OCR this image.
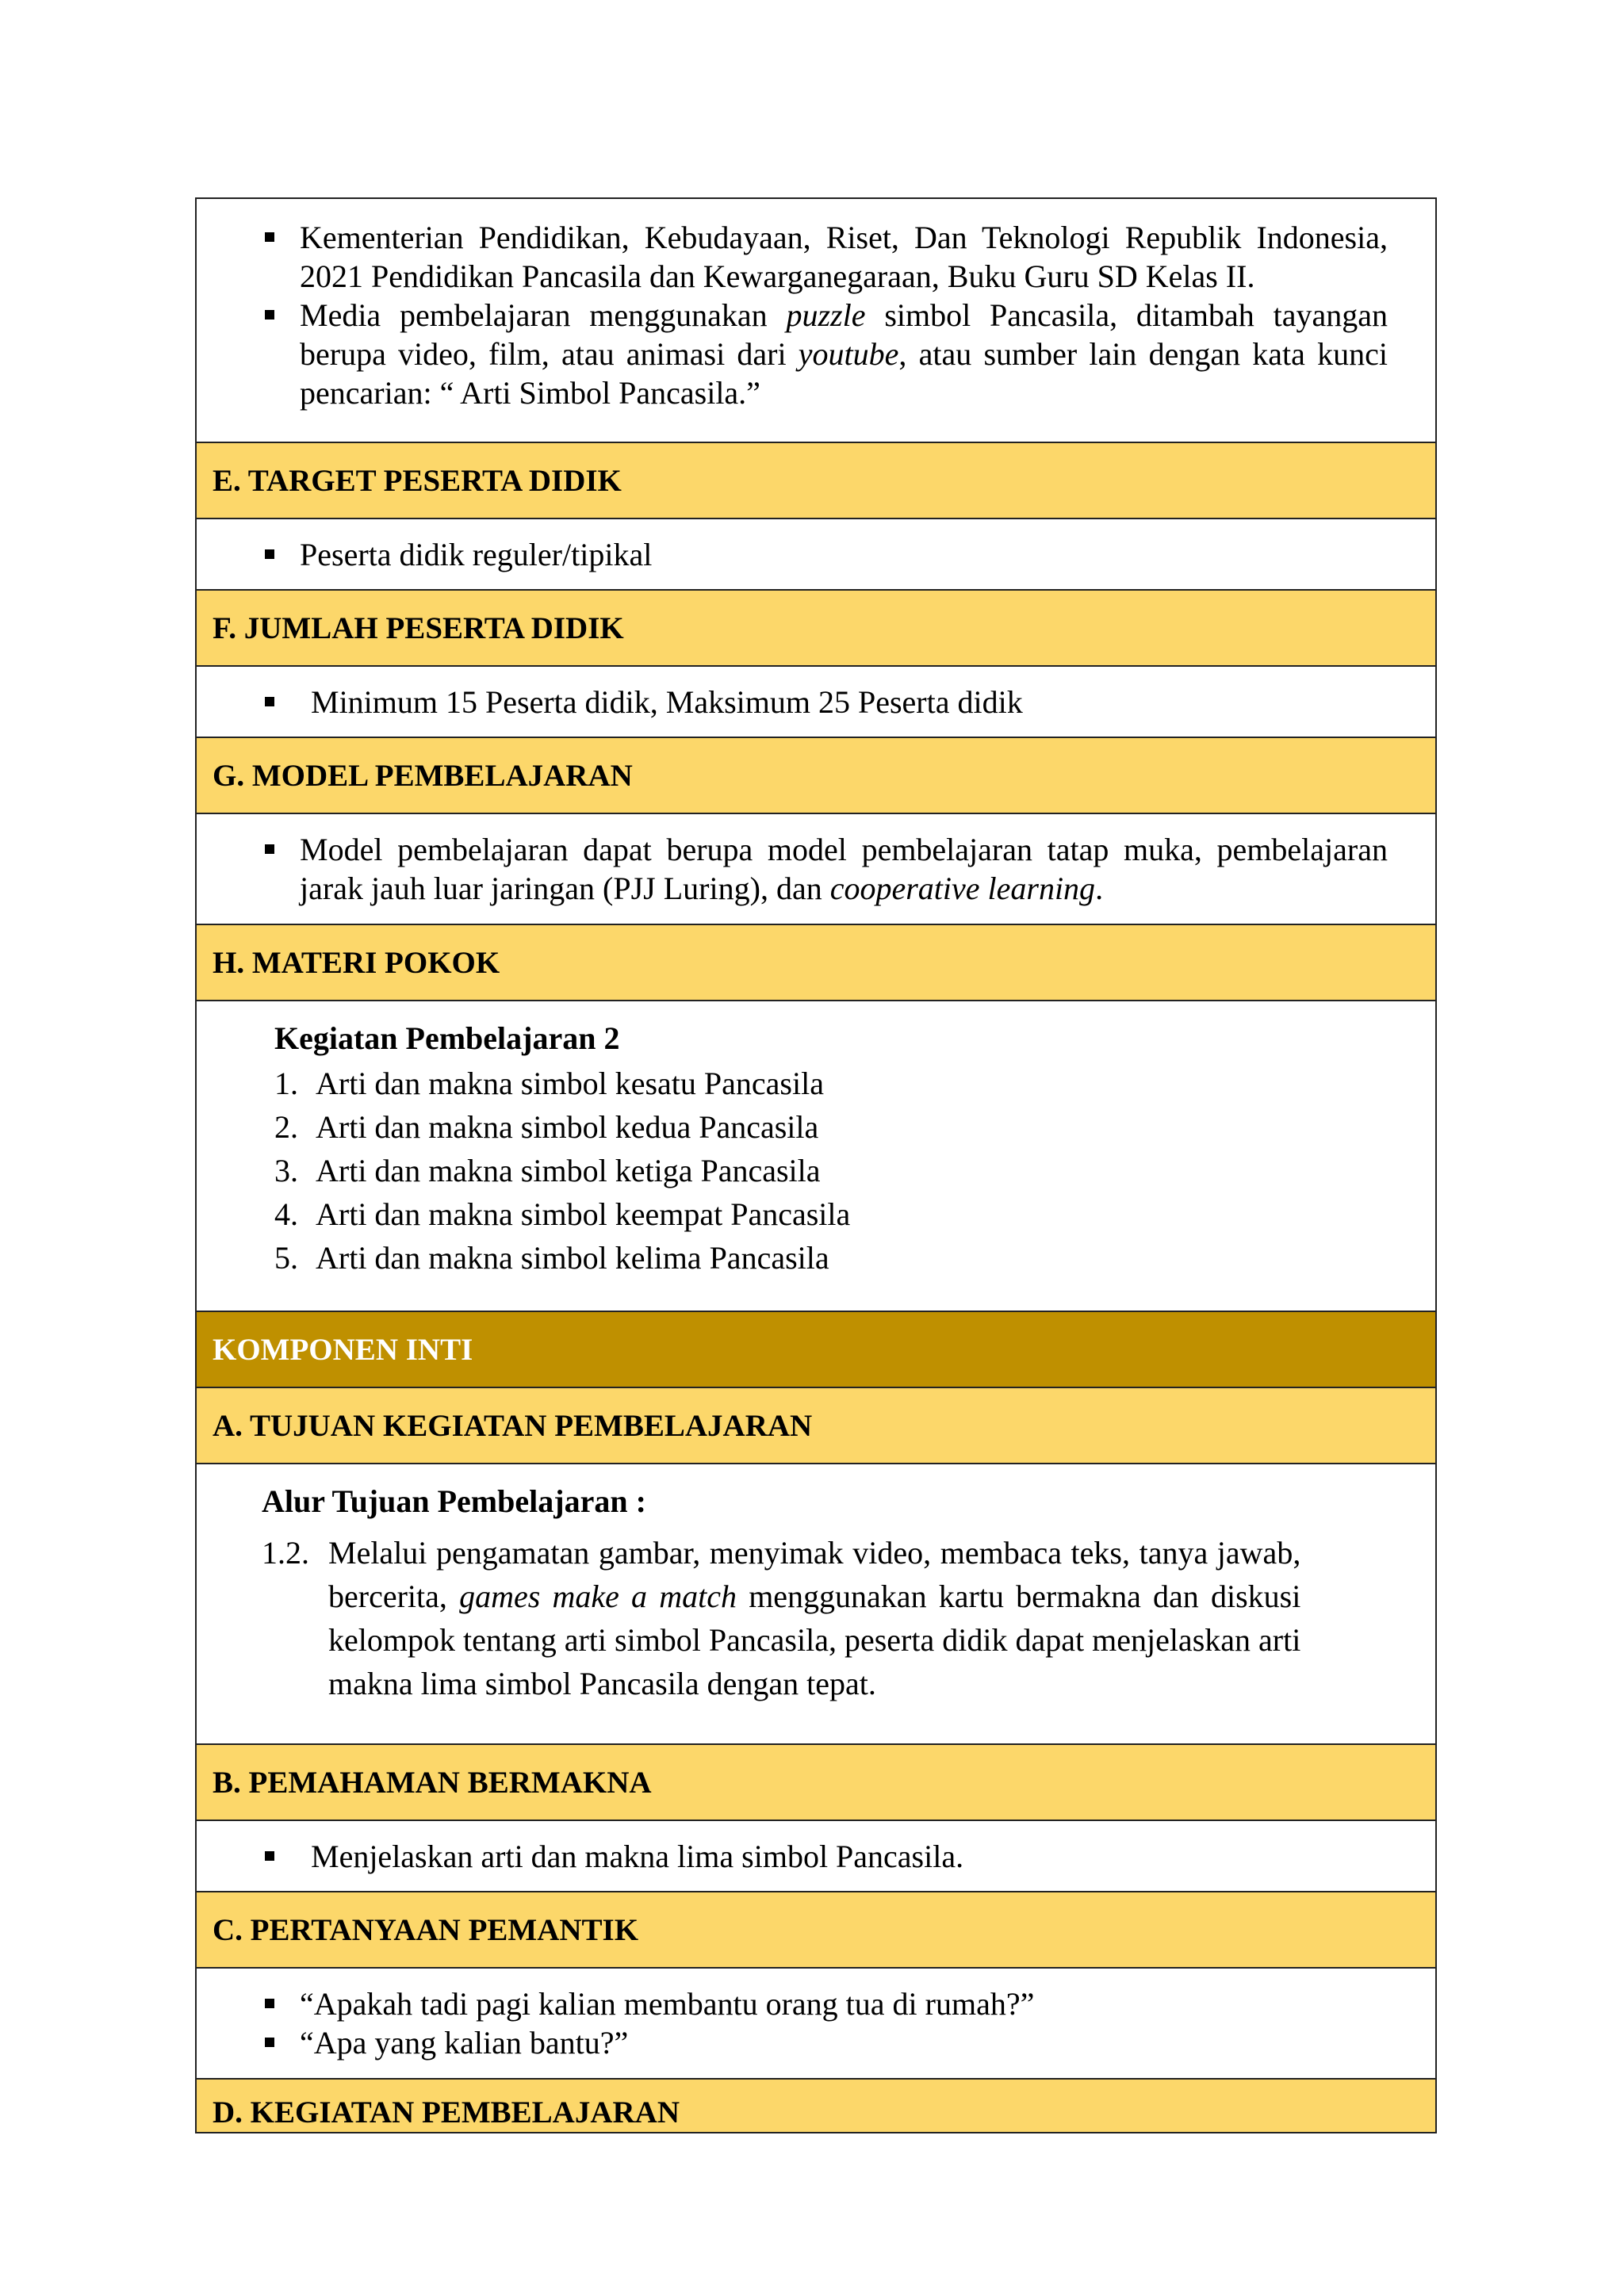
Kementerian Pendidikan, Kebudayaan, Riset, Dan Teknologi Republik Indonesia, 2021 Pendidikan Pancasila dan Kewarganegaraan, Buku Guru SD Kelas II.
Media pembelajaran menggunakan puzzle simbol Pancasila, ditambah tayangan berupa video, film, atau animasi dari youtube, atau sumber lain dengan kata kunci pencarian: “ Arti Simbol Pancasila.”

E. TARGET PESERTA DIDIK

Peserta didik reguler/tipikal

F. JUMLAH PESERTA DIDIK

Minimum 15 Peserta didik, Maksimum 25 Peserta didik

G. MODEL PEMBELAJARAN

Model pembelajaran dapat berupa model pembelajaran tatap muka, pembelajaran jarak jauh luar jaringan (PJJ Luring), dan cooperative learning.

H. MATERI POKOK

Kegiatan Pembelajaran 2
1. Arti dan makna simbol kesatu Pancasila
2. Arti dan makna simbol kedua Pancasila
3. Arti dan makna simbol ketiga Pancasila
4. Arti dan makna simbol keempat Pancasila
5. Arti dan makna simbol kelima Pancasila

KOMPONEN INTI
A. TUJUAN KEGIATAN PEMBELAJARAN

Alur Tujuan Pembelajaran :
1.2. Melalui pengamatan gambar, menyimak video, membaca teks, tanya jawab,
bercerita, games make a match menggunakan kartu bermakna dan diskusi
kelompok tentang arti simbol Pancasila, peserta didik dapat menjelaskan arti
makna lima simbol Pancasila dengan tepat.

B. PEMAHAMAN BERMAKNA

Menjelaskan arti dan makna lima simbol Pancasila.

C. PERTANYAAN PEMANTIK

“Apakah tadi pagi kalian membantu orang tua di rumah?”
“Apa yang kalian bantu?”

D. KEGIATAN PEMBELAJARAN
